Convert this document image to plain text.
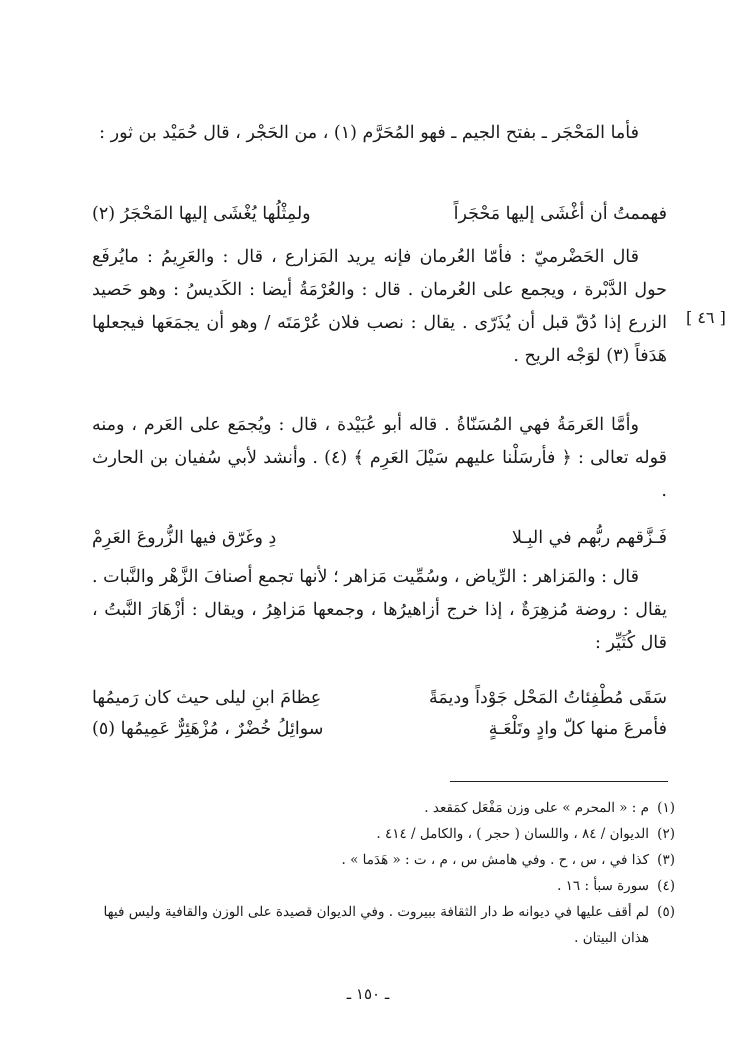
فأما المَحْجَر ـ بفتح الجيم ـ فهو المُحَرَّم (١) ، من الحَجْر ، قال حُمَيْد بن ثور :

فهممتُ أن أغْشَى إليها مَحْجَراً
ولمِثْلُها يُغْشَى إليها المَحْجَرُ (٢)

قال الحَضْرميّ : فأمّا العُرمان فإنه يريد المَزارع ، قال : والعَرِيمُ : مايُرفَع حول الدَّبْرة ، ويجمع على العُرمان . قال : والعُرْمَةُ أيضا : الكَديسُ : وهو حَصيد الزرع إذا دُقّ قبل أن يُذَرّى . يقال : نصب فلان عُرْمَتَه / وهو أن يجمَعَها فيجعلها هَدَفاً (٣) لوَجْه الريح .

[ ٤٦ ]

وأمَّا العَرمَةُ فهي المُسَنّاةُ . قاله أبو عُبَيْدة ، قال : ويُجمَع على العَرم ، ومنه قوله تعالى : ﴿ فأرسَلْنا عليهم سَيْلَ العَرِم ﴾ (٤) . وأنشد لأبي سُفيان بن الحارث .

فَـزَّقهم ربُّهم في البِـلا
دِ وغَرّق فيها الزُّروعَ العَرِمْ

قال : والمَزاهر : الرِّياض ، وسُمِّيت مَزاهر ؛ لأنها تجمع أصنافَ الزَّهْر والنَّبات . يقال : روضة مُزهِرَةٌ ، إذا خرج أزاهيرُها ، وجمعها مَزاهِرُ ، ويقال : أزْهَارَ النَّبتُ ، قال كُثَيِّر :

سَقَى مُطْفِئاتُ المَحْل جَوْداً وديمَةً
عِظامَ ابنِ ليلى حيث كان رَميمُها
فأمرعَ منها كلّ وادٍ وتَلْعَـةٍ
سوائِلُ خُضْرٌ ، مُزْهَئِرٌّ عَمِيمُها (٥)

(١)
م : « المحرم » على وزن مَفْعَل كمَقعد .

(٢)
الديوان / ٨٤ ، واللسان ( حجر ) ، والكامل / ٤١٤ .

(٣)
كذا في ، س ، ح . وفي هامش س ، م ، ت : « هَدَما » .

(٤)
سورة سبأ : ١٦ .

(٥)
لم أقف عليها في ديوانه ط دار الثقافة ببيروت . وفي الديوان قصيدة على الوزن والقافية وليس فيها هذان البيتان .

ـ ١٥٠ ـ
